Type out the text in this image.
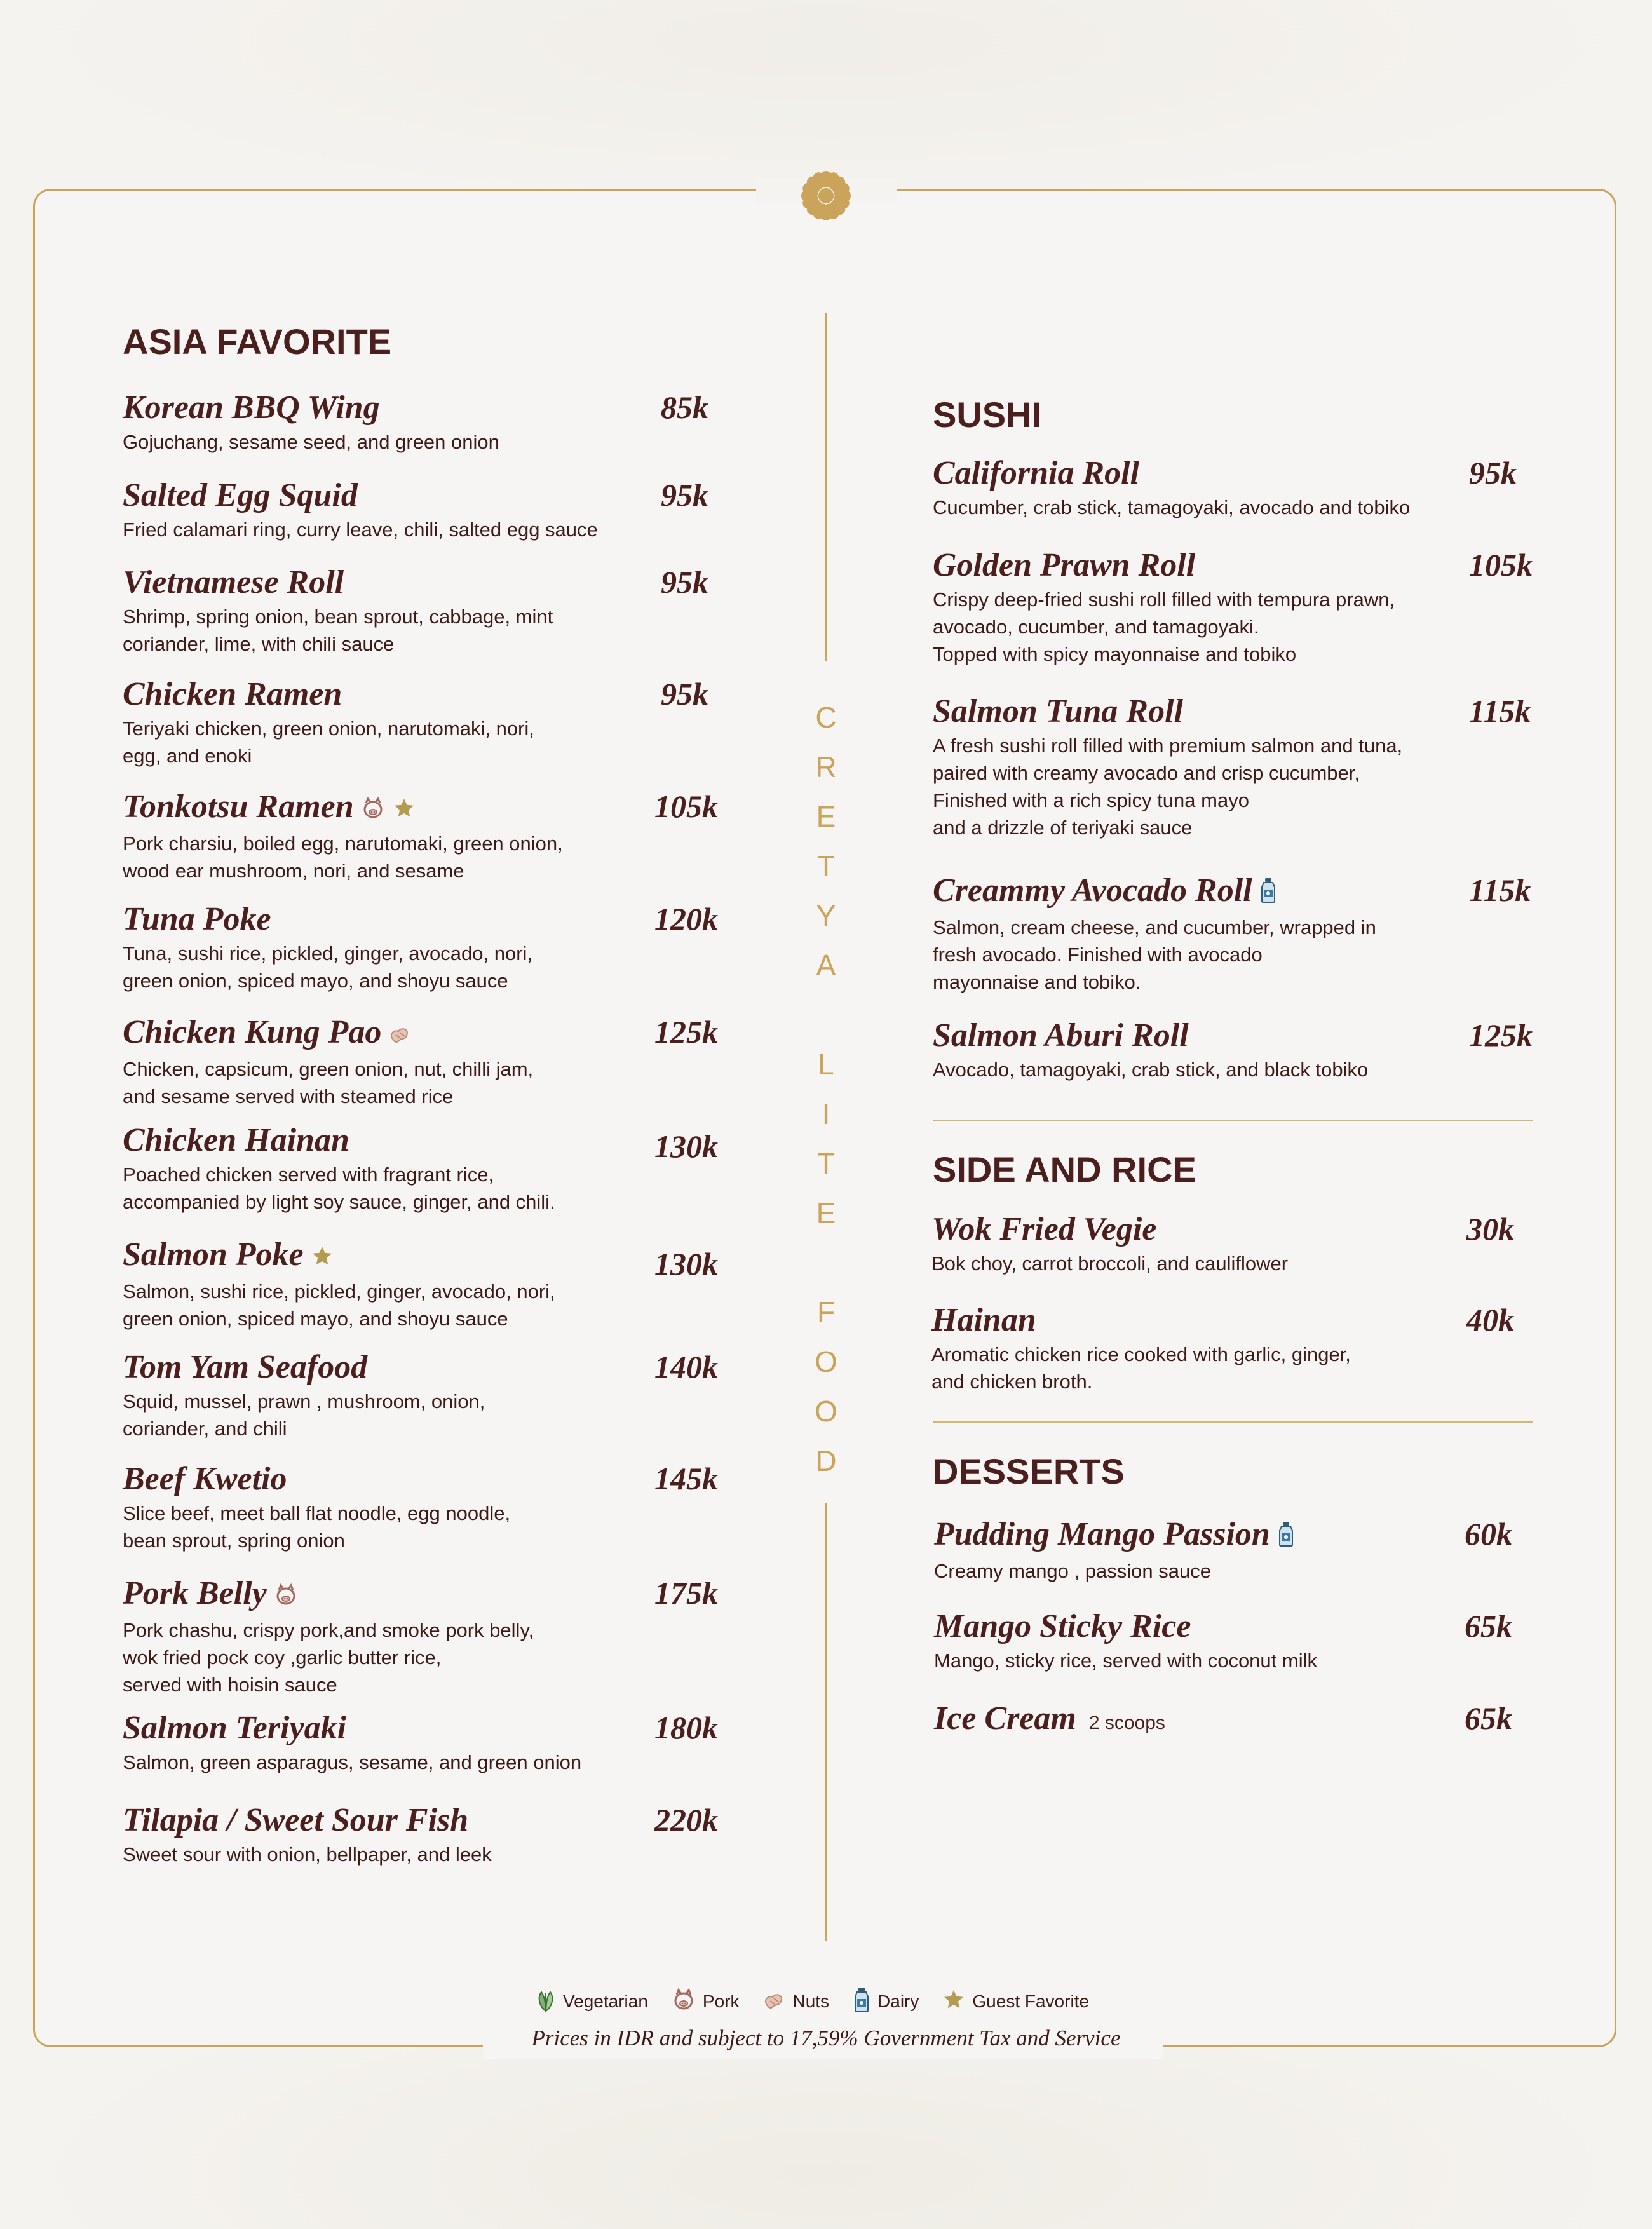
C
R
E
T
Y
A
L
I
T
E
F
O
O
D
ASIA FAVORITE
Korean BBQ Wing
Gojuchang, sesame seed, and green onion
85k
Salted Egg Squid
Fried calamari ring, curry leave, chili, salted egg sauce
95k
Vietnamese Roll
Shrimp, spring onion, bean sprout, cabbage, mint
coriander, lime, with chili sauce
95k
Chicken Ramen
Teriyaki chicken, green onion, narutomaki, nori,
egg, and enoki
95k
Tonkotsu Ramen
Pork charsiu, boiled egg, narutomaki, green onion,
wood ear mushroom, nori, and sesame
105k
Tuna Poke
Tuna, sushi rice, pickled, ginger, avocado, nori,
green onion, spiced mayo, and shoyu sauce
120k
Chicken Kung Pao
Chicken, capsicum, green onion, nut, chilli jam,
and sesame served with steamed rice
125k
Chicken Hainan
Poached chicken served with fragrant rice,
accompanied by light soy sauce, ginger, and chili.
130k
Salmon Poke
Salmon, sushi rice, pickled, ginger, avocado, nori,
green onion, spiced mayo, and shoyu sauce
130k
Tom Yam Seafood
Squid, mussel, prawn , mushroom, onion,
coriander, and chili
140k
Beef Kwetio
Slice beef, meet ball flat noodle, egg noodle,
bean sprout, spring onion
145k
Pork Belly
Pork chashu, crispy pork,and smoke pork belly,
wok fried pock coy ,garlic butter rice,
served with hoisin sauce
175k
Salmon Teriyaki
Salmon, green asparagus, sesame, and green onion
180k
Tilapia / Sweet Sour Fish
Sweet sour with onion, bellpaper, and leek
220k
SUSHI
California Roll
Cucumber, crab stick, tamagoyaki, avocado and tobiko
95k
Golden Prawn Roll
Crispy deep-fried sushi roll filled with tempura prawn,
avocado, cucumber, and tamagoyaki.
Topped with spicy mayonnaise and tobiko
105k
Salmon Tuna Roll
A fresh sushi roll filled with premium salmon and tuna,
paired with creamy avocado and crisp cucumber,
Finished with a rich spicy tuna mayo
and a drizzle of teriyaki sauce
115k
Creammy Avocado Roll
Salmon, cream cheese, and cucumber, wrapped in
fresh avocado. Finished with avocado
mayonnaise and tobiko.
115k
Salmon Aburi Roll
Avocado, tamagoyaki, crab stick, and black tobiko
125k
SIDE AND RICE
Wok Fried Vegie
Bok choy, carrot broccoli, and cauliflower
30k
Hainan
Aromatic chicken rice cooked with garlic, ginger,
and chicken broth.
40k
DESSERTS
Pudding Mango Passion
Creamy mango , passion sauce
60k
Mango Sticky Rice
Mango, sticky rice, served with coconut milk
65k
Ice Cream 2 scoops	65k
Vegetarian	Pork	Nuts	Dairy	Guest Favorite
Prices in IDR and subject to 17,59% Government Tax and Service
